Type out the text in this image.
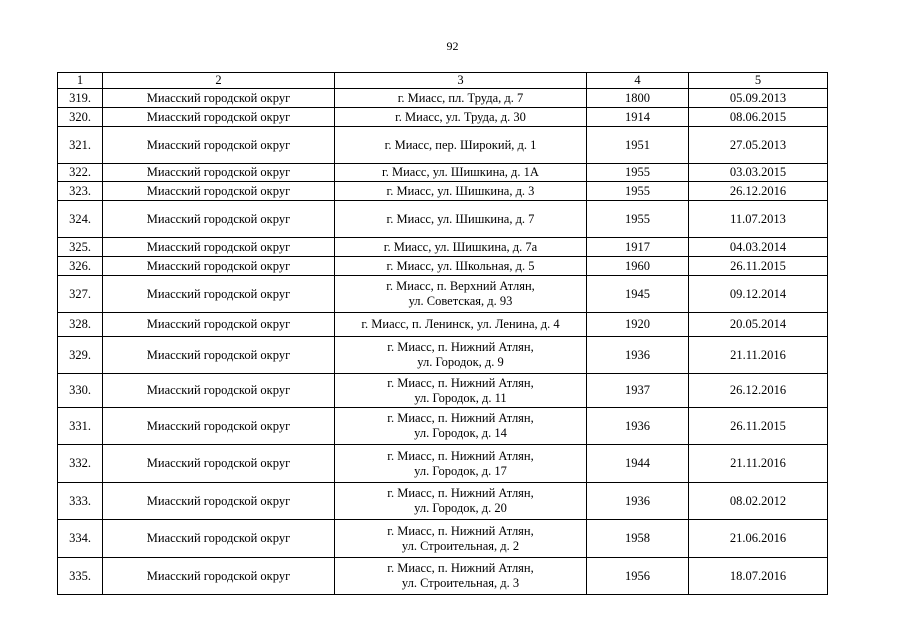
92
1	2	3	4	5
319.	Миасский городской округ	г. Миасс, пл. Труда, д. 7	1800	05.09.2013
320.	Миасский городской округ	г. Миасс, ул. Труда, д. 30	1914	08.06.2015
321.	Миасский городской округ	г. Миасс, пер. Широкий, д. 1	1951	27.05.2013
322.	Миасский городской округ	г. Миасс, ул. Шишкина, д. 1А	1955	03.03.2015
323.	Миасский городской округ	г. Миасс, ул. Шишкина, д. 3	1955	26.12.2016
324.	Миасский городской округ	г. Миасс, ул. Шишкина, д. 7	1955	11.07.2013
325.	Миасский городской округ	г. Миасс, ул. Шишкина, д. 7а	1917	04.03.2014
326.	Миасский городской округ	г. Миасс, ул. Школьная, д. 5	1960	26.11.2015
327.	Миасский городской округ	г. Миасс, п. Верхний Атлян,
ул. Советская, д. 93	1945	09.12.2014
328.	Миасский городской округ	г. Миасс, п. Ленинск, ул. Ленина, д. 4	1920	20.05.2014
329.	Миасский городской округ	г. Миасс, п. Нижний Атлян,
ул. Городок, д. 9	1936	21.11.2016
330.	Миасский городской округ	г. Миасс, п. Нижний Атлян,
ул. Городок, д. 11	1937	26.12.2016
331.	Миасский городской округ	г. Миасс, п. Нижний Атлян,
ул. Городок, д. 14	1936	26.11.2015
332.	Миасский городской округ	г. Миасс, п. Нижний Атлян,
ул. Городок, д. 17	1944	21.11.2016
333.	Миасский городской округ	г. Миасс, п. Нижний Атлян,
ул. Городок, д. 20	1936	08.02.2012
334.	Миасский городской округ	г. Миасс, п. Нижний Атлян,
ул. Строительная, д. 2	1958	21.06.2016
335.	Миасский городской округ	г. Миасс, п. Нижний Атлян,
ул. Строительная, д. 3	1956	18.07.2016
